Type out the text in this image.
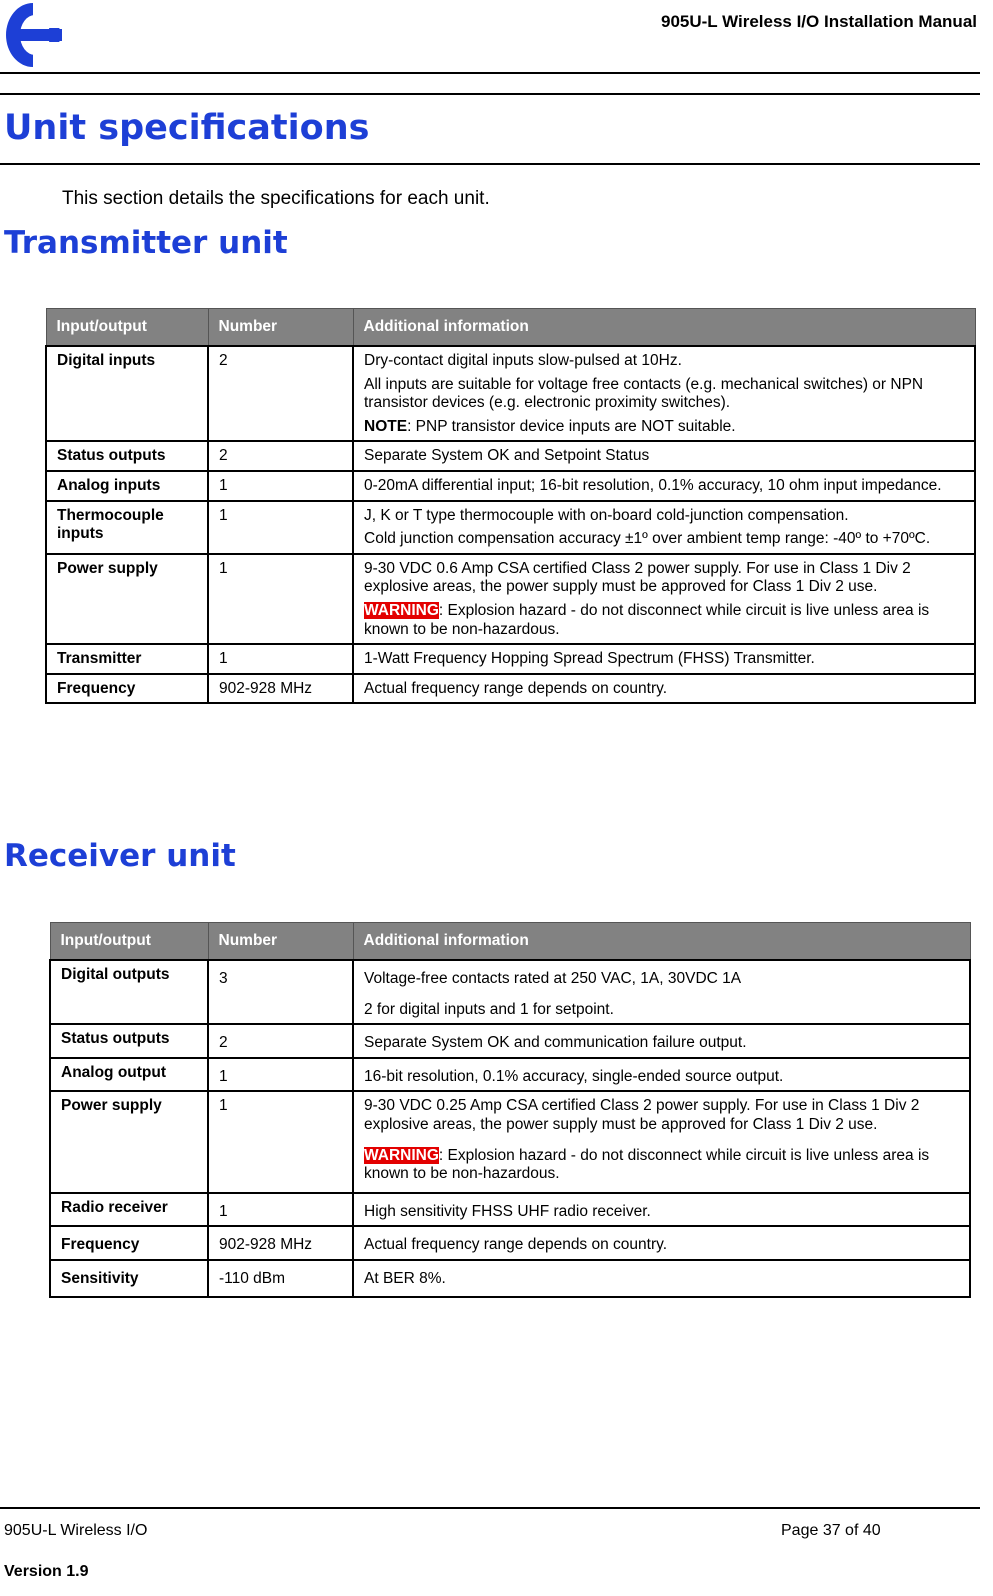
905U-L Wireless I/O Installation Manual
Unit specifications
This section details the specifications for each unit.
Transmitter unit
Input/output	Number	Additional information
Digital inputs	2	Dry-contact digital inputs slow-pulsed at 10Hz.

All inputs are suitable for voltage free contacts (e.g. mechanical switches) or NPN transistor devices (e.g. electronic proximity switches).

NOTE: PNP transistor device inputs are NOT suitable.

Status outputs	2	Separate System OK and Setpoint Status

Analog inputs	1	0-20mA differential input; 16-bit resolution, 0.1% accuracy, 10 ohm input impedance.

Thermocouple inputs	1	J, K or T type thermocouple with on-board cold-junction compensation.

Cold junction compensation accuracy ±1º over ambient temp range: -40º to +70ºC.

Power supply	1	9-30 VDC 0.6 Amp CSA certified Class 2 power supply. For use in Class 1 Div 2 explosive areas, the power supply must be approved for Class 1 Div 2 use.

WARNING: Explosion hazard - do not disconnect while circuit is live unless area is known to be non-hazardous.

Transmitter	1	1-Watt Frequency Hopping Spread Spectrum (FHSS) Transmitter.

Frequency	902-928 MHz	Actual frequency range depends on country.

Receiver unit
Input/output	Number	Additional information
Digital outputs	3	Voltage-free contacts rated at 250 VAC, 1A, 30VDC 1A

2 for digital inputs and 1 for setpoint.

Status outputs	2	Separate System OK and communication failure output.

Analog output	1	16-bit resolution, 0.1% accuracy, single-ended source output.

Power supply	1	9-30 VDC 0.25 Amp CSA certified Class 2 power supply. For use in Class 1 Div 2 explosive areas, the power supply must be approved for Class 1 Div 2 use.

WARNING: Explosion hazard - do not disconnect while circuit is live unless area is known to be non-hazardous.

Radio receiver	1	High sensitivity FHSS UHF radio receiver.

Frequency	902-928 MHz	Actual frequency range depends on country.

Sensitivity	-110 dBm	At BER 8%.

905U-L Wireless I/O	Page 37 of 40
Version 1.9
